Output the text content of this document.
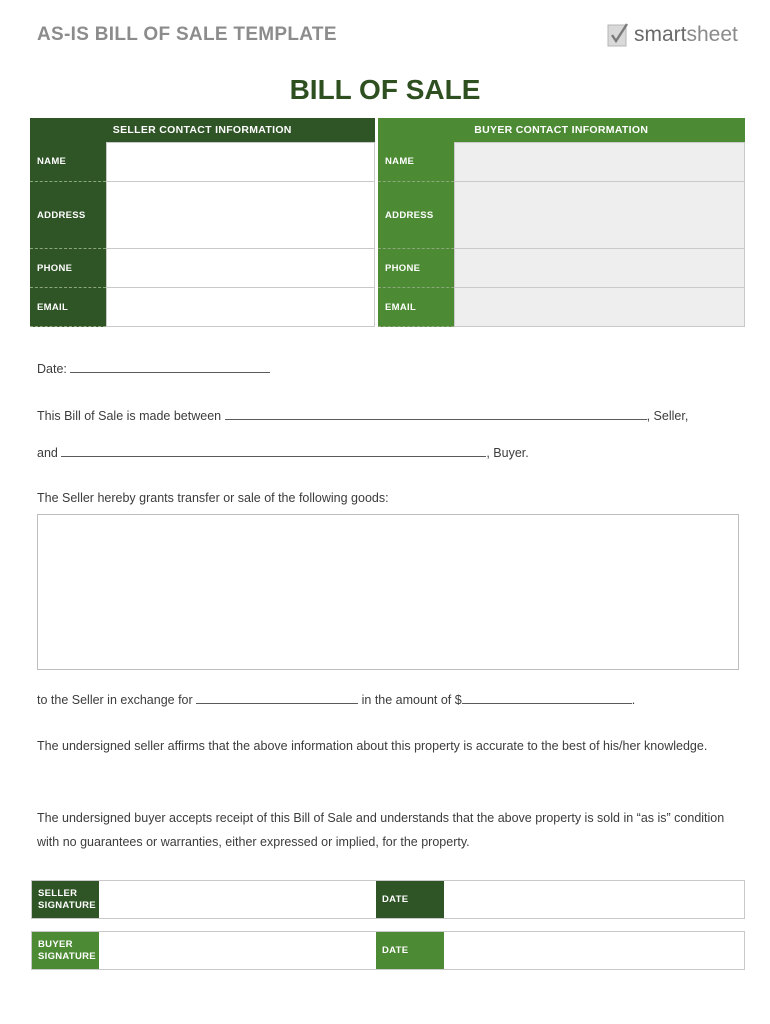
AS-IS BILL OF SALE TEMPLATE	smartsheet
BILL OF SALE
SELLER CONTACT INFORMATION	
NAME	
ADDRESS	
PHONE	
EMAIL	
BUYER CONTACT INFORMATION	
NAME	
ADDRESS	
PHONE	
EMAIL	
Date:
This Bill of Sale is made between	, Seller,
and	, Buyer.
The Seller hereby grants transfer or sale of the following goods:
to the Seller in exchange for	in the amount of $	.
The undersigned seller affirms that the above information about this property is accurate to the best of his/her knowledge.
The undersigned buyer accepts receipt of this Bill of Sale and understands that the above property is sold in “as is” condition with no guarantees or warranties, either expressed or implied, for the property.
SELLER
SIGNATURE
DATE
BUYER
SIGNATURE
DATE
